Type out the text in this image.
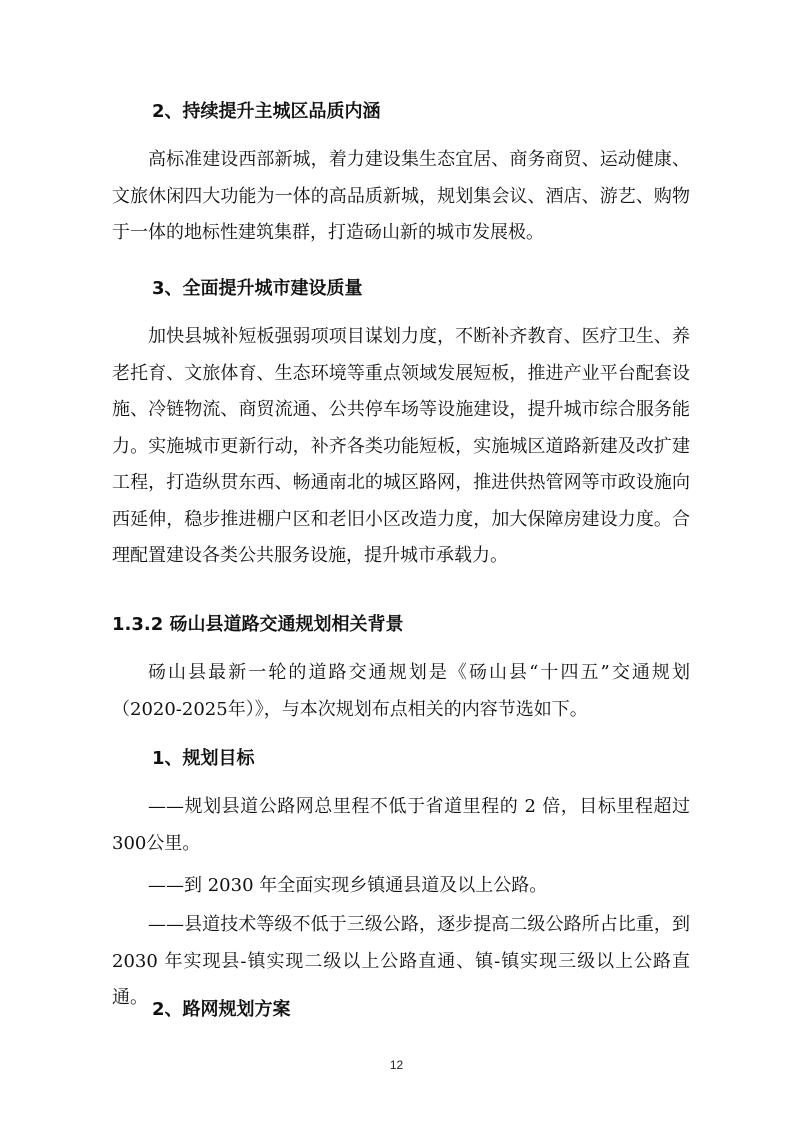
2、持续提升主城区品质内涵

高标准建设西部新城，着力建设集生态宜居、商务商贸、运动健康、文旅休闲四大功能为一体的高品质新城，规划集会议、酒店、游艺、购物于一体的地标性建筑集群，打造砀山新的城市发展极。

3、全面提升城市建设质量

加快县城补短板强弱项项目谋划力度，不断补齐教育、医疗卫生、养老托育、文旅体育、生态环境等重点领域发展短板，推进产业平台配套设施、冷链物流、商贸流通、公共停车场等设施建设，提升城市综合服务能力。实施城市更新行动，补齐各类功能短板，实施城区道路新建及改扩建工程，打造纵贯东西、畅通南北的城区路网，推进供热管网等市政设施向西延伸，稳步推进棚户区和老旧小区改造力度，加大保障房建设力度。合理配置建设各类公共服务设施，提升城市承载力。

1.3.2 砀山县道路交通规划相关背景

砀山县最新一轮的道路交通规划是《砀山县“十四五”交通规划（2020-2025年）》，与本次规划布点相关的内容节选如下。

1、规划目标

——规划县道公路网总里程不低于省道里程的 2 倍，目标里程超过 300公里。

——到 2030 年全面实现乡镇通县道及以上公路。

——县道技术等级不低于三级公路，逐步提高二级公路所占比重，到2030 年实现县-镇实现二级以上公路直通、镇-镇实现三级以上公路直通。

2、路网规划方案
12
